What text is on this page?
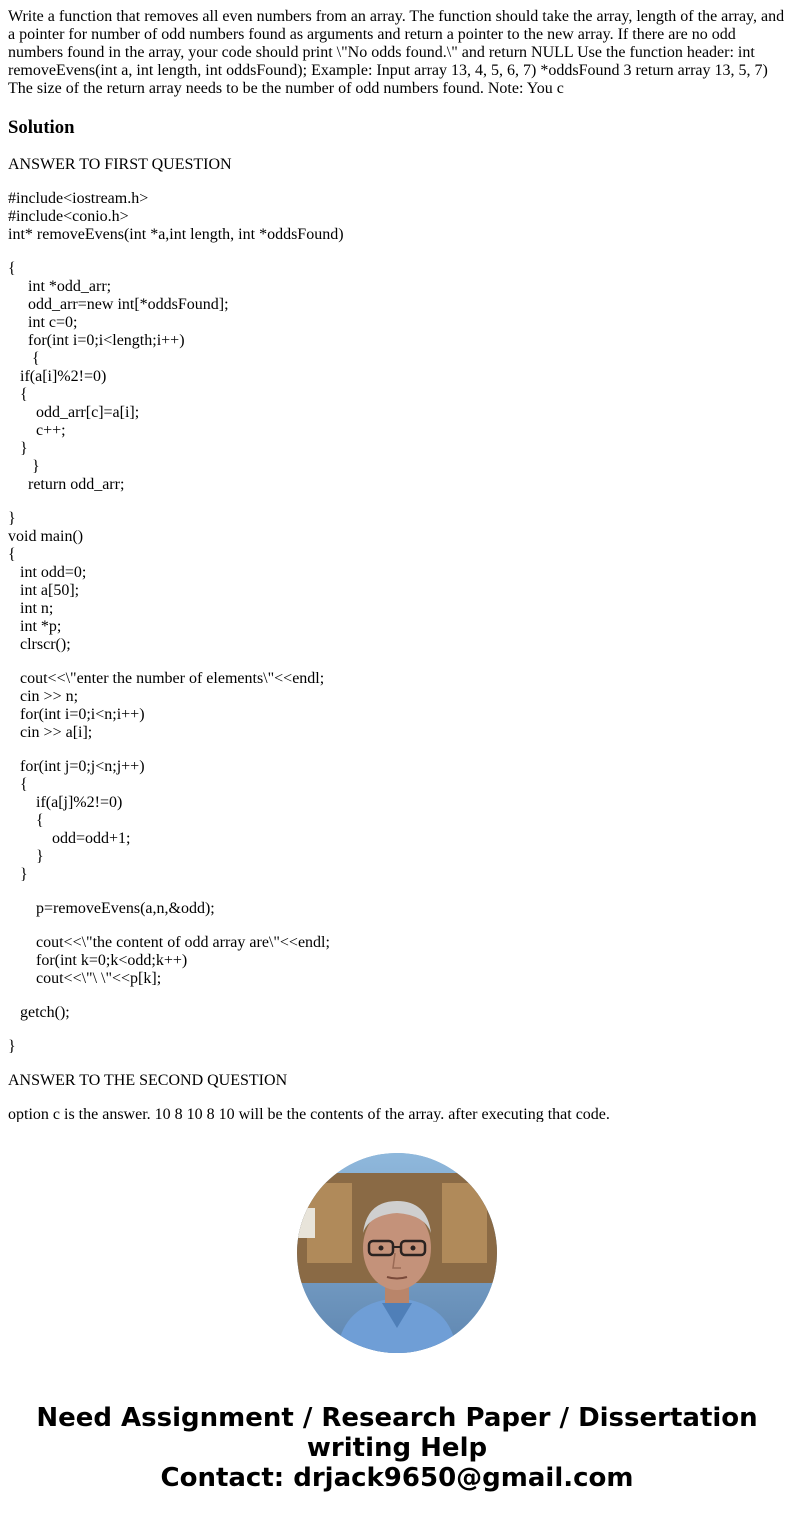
Write a function that removes all even numbers from an array. The function should take the array, length of the array, and a pointer for number of odd numbers found as arguments and return a pointer to the new array. If there are no odd numbers found in the array, your code should print \"No odds found.\" and return NULL Use the function header: int removeEvens(int a, int length, int oddsFound); Example: Input array 13, 4, 5, 6, 7) *oddsFound 3 return array 13, 5, 7) The size of the return array needs to be the number of odd numbers found. Note: You c

Solution

ANSWER TO FIRST QUESTION

#include<iostream.h>
#include<conio.h>
int* removeEvens(int *a,int length, int *oddsFound)
{
int *odd_arr;
odd_arr=new int[*oddsFound];
int c=0;
for(int i=0;i<length;i++)
{
if(a[i]%2!=0)
{
odd_arr[c]=a[i];
c++;
}
}
return odd_arr;
}
void main()
{
int odd=0;
int a[50];
int n;
int *p;
clrscr();
cout<<\"enter the number of elements\"<<endl;
cin >> n;
for(int i=0;i<n;i++)
cin >> a[i];
for(int j=0;j<n;j++)
{
if(a[j]%2!=0)
{
odd=odd+1;
}
}
p=removeEvens(a,n,&odd);
cout<<\"the content of odd array are\"<<endl;
for(int k=0;k<odd;k++)
cout<<\"\ \"<<p[k];
getch();
}

ANSWER TO THE SECOND QUESTION

option c is the answer. 10 8 10 8 10 will be the contents of the array. after executing that code.

Need Assignment / Research Paper / Dissertation
writing Help
Contact: drjack9650@gmail.com
